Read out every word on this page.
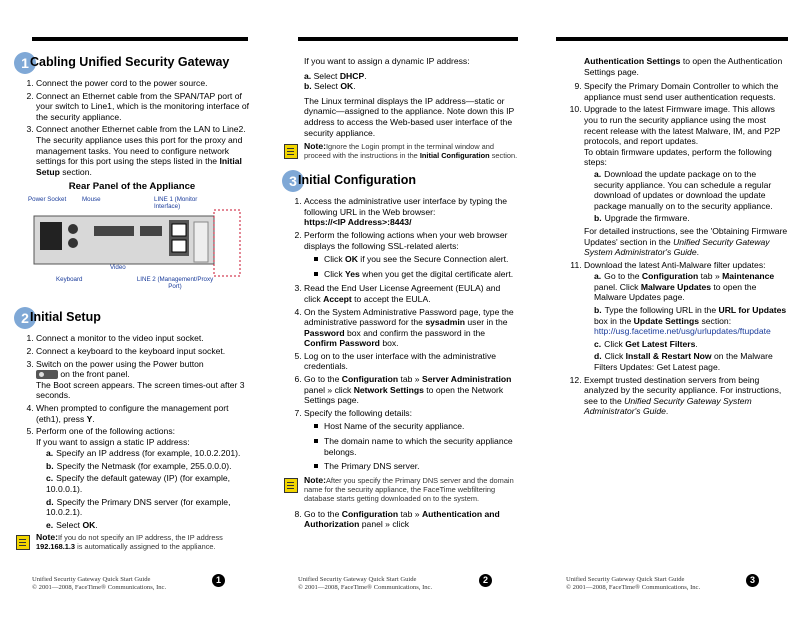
1 Cabling Unified Security Gateway
1. Connect the power cord to the power source.
2. Connect an Ethernet cable from the SPAN/TAP port of your switch to Line1, which is the monitoring interface of the security appliance.
3. Connect another Ethernet cable from the LAN to Line2. The security appliance uses this port for the proxy and management tasks. You need to configure network settings for this port using the steps listed in the Initial Setup section.
Rear Panel of the Appliance
Power Socket	Mouse	LINE 1 (Monitor Interface)
Keyboard
Video
LINE 2 (Management/Proxy Port)
2 Initial Setup
1. Connect a monitor to the video input socket.
2. Connect a keyboard to the keyboard input socket.
3. Switch on the power using the Power button
on the front panel.
The Boot screen appears. The screen times-out after 3 seconds.
4. When prompted to configure the management port (eth1), press Y.
5. Perform one of the following actions:
If you want to assign a static IP address:
a. Specify an IP address (for example, 10.0.2.201).
b. Specify the Netmask (for example, 255.0.0.0).
c. Specify the default gateway (IP) (for example, 10.0.0.1).
d. Specify the Primary DNS server (for example, 10.0.2.1).
e. Select OK.
Note:If you do not specify an IP address, the IP address 192.168.1.3 is automatically assigned to the appliance.
Unified Security Gateway Quick Start Guide
© 2001—2008, FaceTime® Communications, Inc.
1

If you want to assign a dynamic IP address:

a. Select DHCP.
b. Select OK.

The Linux terminal displays the IP address—static or dynamic—assigned to the appliance. Note down this IP address to access the Web-based user interface of the security appliance.

Note:Ignore the Login prompt in the terminal window and proceed with the instructions in the Initial Configuration section.
3 Initial Configuration
1. Access the administrative user interface by typing the following URL in the Web browser:
https://<IP Address>:8443/
2. Perform the following actions when your web browser displays the following SSL-related alerts:
Click OK if you see the Secure Connection alert.
Click Yes when you get the digital certificate alert.
3. Read the End User License Agreement (EULA) and click Accept to accept the EULA.
4. On the System Administrative Password page, type the administrative password for the sysadmin user in the Password box and confirm the password in the Confirm Password box.
5. Log on to the user interface with the administrative credentials.
6. Go to the Configuration tab » Server Administration panel » click Network Settings to open the Network Settings page.
7. Specify the following details:
Host Name of the security appliance.
The domain name to which the security appliance belongs.
The Primary DNS server.
Note:After you specify the Primary DNS server and the domain name for the security appliance, the FaceTime webfiltering database starts getting downloaded on to the system.
8. Go to the Configuration tab » Authentication and Authorization panel » click
Unified Security Gateway Quick Start Guide
© 2001—2008, FaceTime® Communications, Inc.
2

Authentication Settings to open the Authentication Settings page.

9. Specify the Primary Domain Controller to which the appliance must send user authentication requests.
10. Upgrade to the latest Firmware image. This allows you to run the security appliance using the most recent release with the latest Malware, IM, and P2P protocols, and report updates.
To obtain firmware updates, perform the following steps:
a. Download the update package on to the security appliance. You can schedule a regular download of updates or download the update package manually on to the security appliance.
b. Upgrade the firmware.
For detailed instructions, see the 'Obtaining Firmware Updates' section in the Unified Security Gateway System Administrator's Guide.
11. Download the latest Anti-Malware filter updates:
a. Go to the Configuration tab » Maintenance panel. Click Malware Updates to open the Malware Updates page.
b. Type the following URL in the URL for Updates box in the Update Settings section:
http://usg.facetime.net/usg/urlupdates/ftupdate
c. Click Get Latest Filters.
d. Click Install & Restart Now on the Malware Filters Updates: Get Latest page.
12. Exempt trusted destination servers from being analyzed by the security appliance. For instructions, see to the Unified Security Gateway System Administrator's Guide.
Unified Security Gateway Quick Start Guide
© 2001—2008, FaceTime® Communications, Inc.
3
